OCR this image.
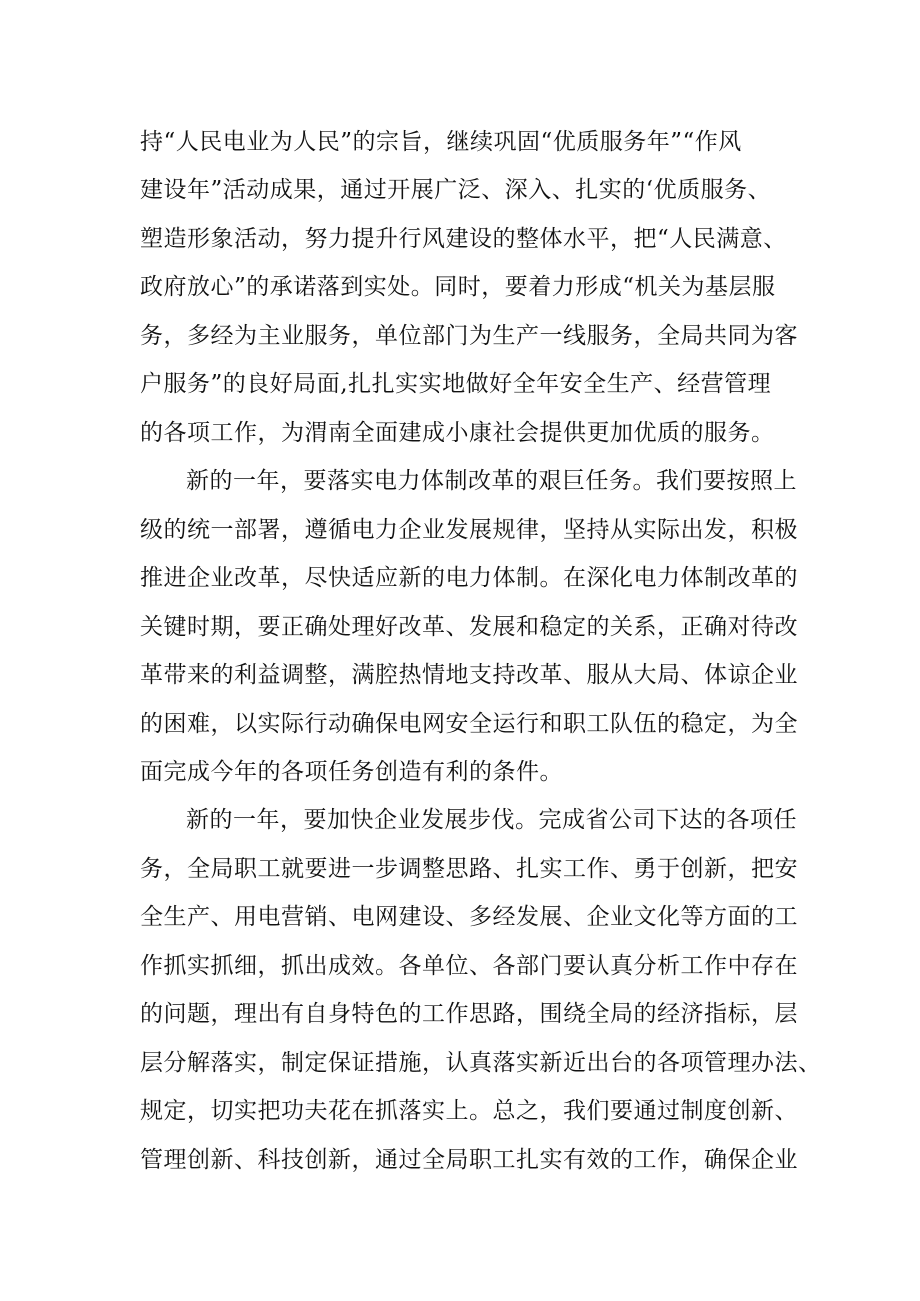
持“人民电业为人民”的宗旨，继续巩固“优质服务年”“作风
建设年”活动成果，通过开展广泛、深入、扎实的‘优质服务、
塑造形象活动，努力提升行风建设的整体水平，把“人民满意、
政府放心”的承诺落到实处。同时，要着力形成“机关为基层服
务，多经为主业服务，单位部门为生产一线服务，全局共同为客
户服务”的良好局面,扎扎实实地做好全年安全生产、经营管理
的各项工作，为渭南全面建成小康社会提供更加优质的服务。
新的一年，要落实电力体制改革的艰巨任务。我们要按照上
级的统一部署，遵循电力企业发展规律，坚持从实际出发，积极
推进企业改革，尽快适应新的电力体制。在深化电力体制改革的
关键时期，要正确处理好改革、发展和稳定的关系，正确对待改
革带来的利益调整，满腔热情地支持改革、服从大局、体谅企业
的困难，以实际行动确保电网安全运行和职工队伍的稳定，为全
面完成今年的各项任务创造有利的条件。
新的一年，要加快企业发展步伐。完成省公司下达的各项任
务，全局职工就要进一步调整思路、扎实工作、勇于创新，把安
全生产、用电营销、电网建设、多经发展、企业文化等方面的工
作抓实抓细，抓出成效。各单位、各部门要认真分析工作中存在
的问题，理出有自身特色的工作思路，围绕全局的经济指标，层
层分解落实，制定保证措施，认真落实新近出台的各项管理办法、
规定，切实把功夫花在抓落实上。总之，我们要通过制度创新、
管理创新、科技创新，通过全局职工扎实有效的工作，确保企业
